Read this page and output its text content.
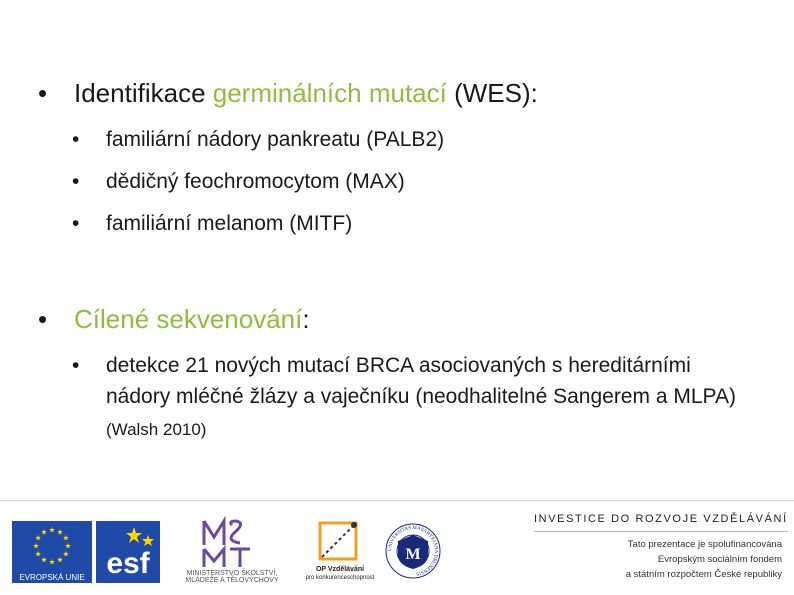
• Identifikace germinálních mutací (WES):
• familiární nádory pankreatu (PALB2)
• dědičný feochromocytom (MAX)
• familiární melanom (MITF)
• Cílené sekvenování:
• detekce 21 nových mutací BRCA asociovaných s hereditárními nádory mléčné žlázy a vaječníku (neodhalitelné Sangerem a MLPA) (Walsh 2010)
EVROPSKÁ UNIE esf	MINISTERSTVO ŠKOLSTVÍ,
MLÁDEŽE A TĚLOVÝCHOVY
OP Vzdělávání
pro konkurenceschopnost
M
UNIVERSITAS MASARYKIANA BRUNENSIS
INVESTICE DO ROZVOJE VZDĚLÁVÁNÍ
Tato prezentace je spolufinancována
Evropským sociálním fondem
a státním rozpočtem České republiky
